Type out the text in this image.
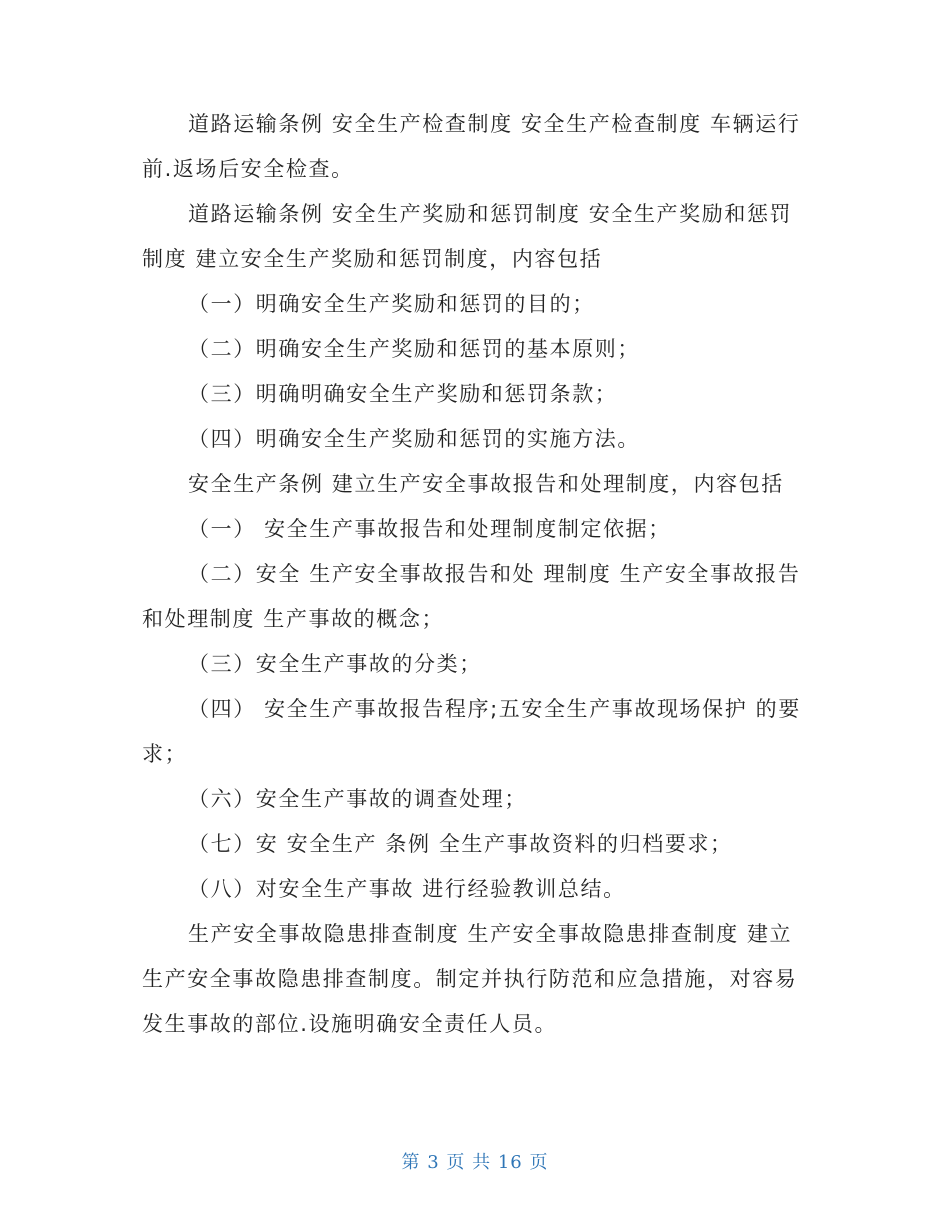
道路运输条例 安全生产检查制度 安全生产检查制度 车辆运行前.返场后安全检查。

道路运输条例 安全生产奖励和惩罚制度 安全生产奖励和惩罚制度 建立安全生产奖励和惩罚制度，内容包括

（一）明确安全生产奖励和惩罚的目的；

（二）明确安全生产奖励和惩罚的基本原则；

（三）明确明确安全生产奖励和惩罚条款；

（四）明确安全生产奖励和惩罚的实施方法。

安全生产条例 建立生产安全事故报告和处理制度，内容包括

（一） 安全生产事故报告和处理制度制定依据；

（二）安全 生产安全事故报告和处 理制度 生产安全事故报告和处理制度 生产事故的概念；

（三）安全生产事故的分类；

（四） 安全生产事故报告程序;五安全生产事故现场保护 的要求；

（六）安全生产事故的调查处理；

（七）安 安全生产 条例 全生产事故资料的归档要求；

（八）对安全生产事故 进行经验教训总结。

生产安全事故隐患排查制度 生产安全事故隐患排查制度 建立生产安全事故隐患排查制度。制定并执行防范和应急措施，对容易发生事故的部位.设施明确安全责任人员。

第 3 页 共 16 页
